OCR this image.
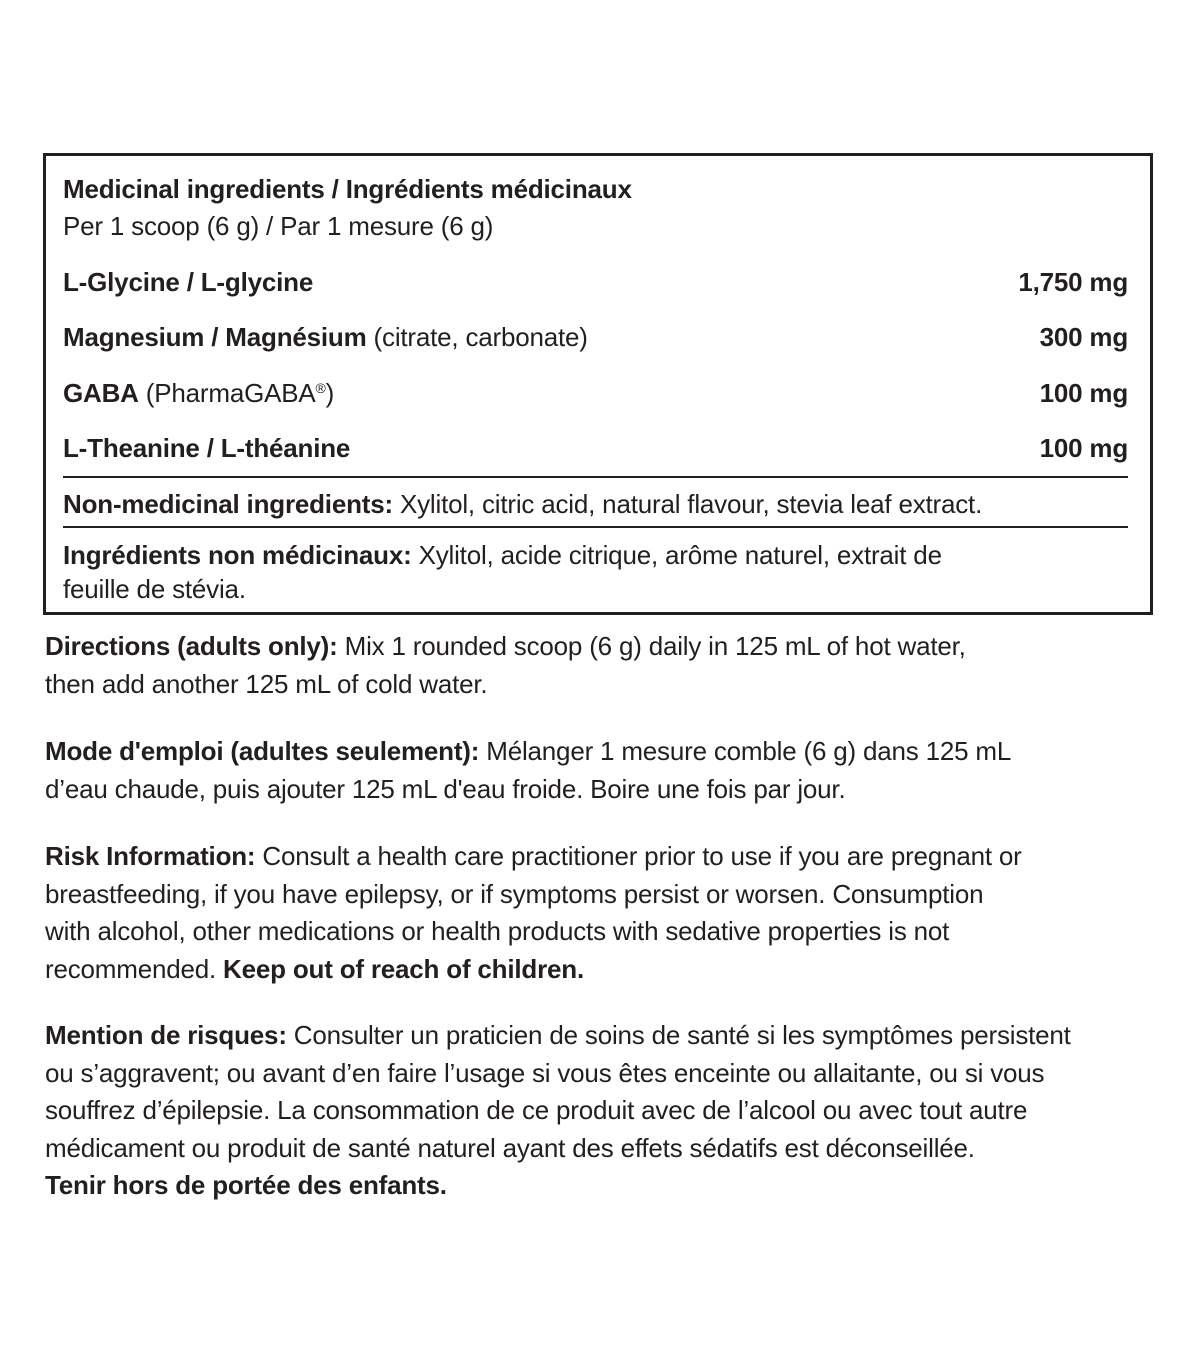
Medicinal ingredients / Ingrédients médicinaux
Per 1 scoop (6 g) / Par 1 mesure (6 g)
L-Glycine / L-glycine	1,750 mg
Magnesium / Magnésium (citrate, carbonate)	300 mg
GABA (PharmaGABA®)	100 mg
L-Theanine / L-théanine	100 mg
Non-medicinal ingredients: Xylitol, citric acid, natural flavour, stevia leaf extract.
Ingrédients non médicinaux: Xylitol, acide citrique, arôme naturel, extrait de
feuille de stévia.
Directions (adults only): Mix 1 rounded scoop (6 g) daily in 125 mL of hot water,
then add another 125 mL of cold water.
Mode d'emploi (adultes seulement): Mélanger 1 mesure comble (6 g) dans 125 mL
d’eau chaude, puis ajouter 125 mL d'eau froide. Boire une fois par jour.
Risk Information: Consult a health care practitioner prior to use if you are pregnant or
breastfeeding, if you have epilepsy, or if symptoms persist or worsen. Consumption
with alcohol, other medications or health products with sedative properties is not
recommended. Keep out of reach of children.
Mention de risques: Consulter un praticien de soins de santé si les symptômes persistent
ou s’aggravent; ou avant d’en faire l’usage si vous êtes enceinte ou allaitante, ou si vous
souffrez d’épilepsie. La consommation de ce produit avec de l’alcool ou avec tout autre
médicament ou produit de santé naturel ayant des effets sédatifs est déconseillée.
Tenir hors de portée des enfants.
